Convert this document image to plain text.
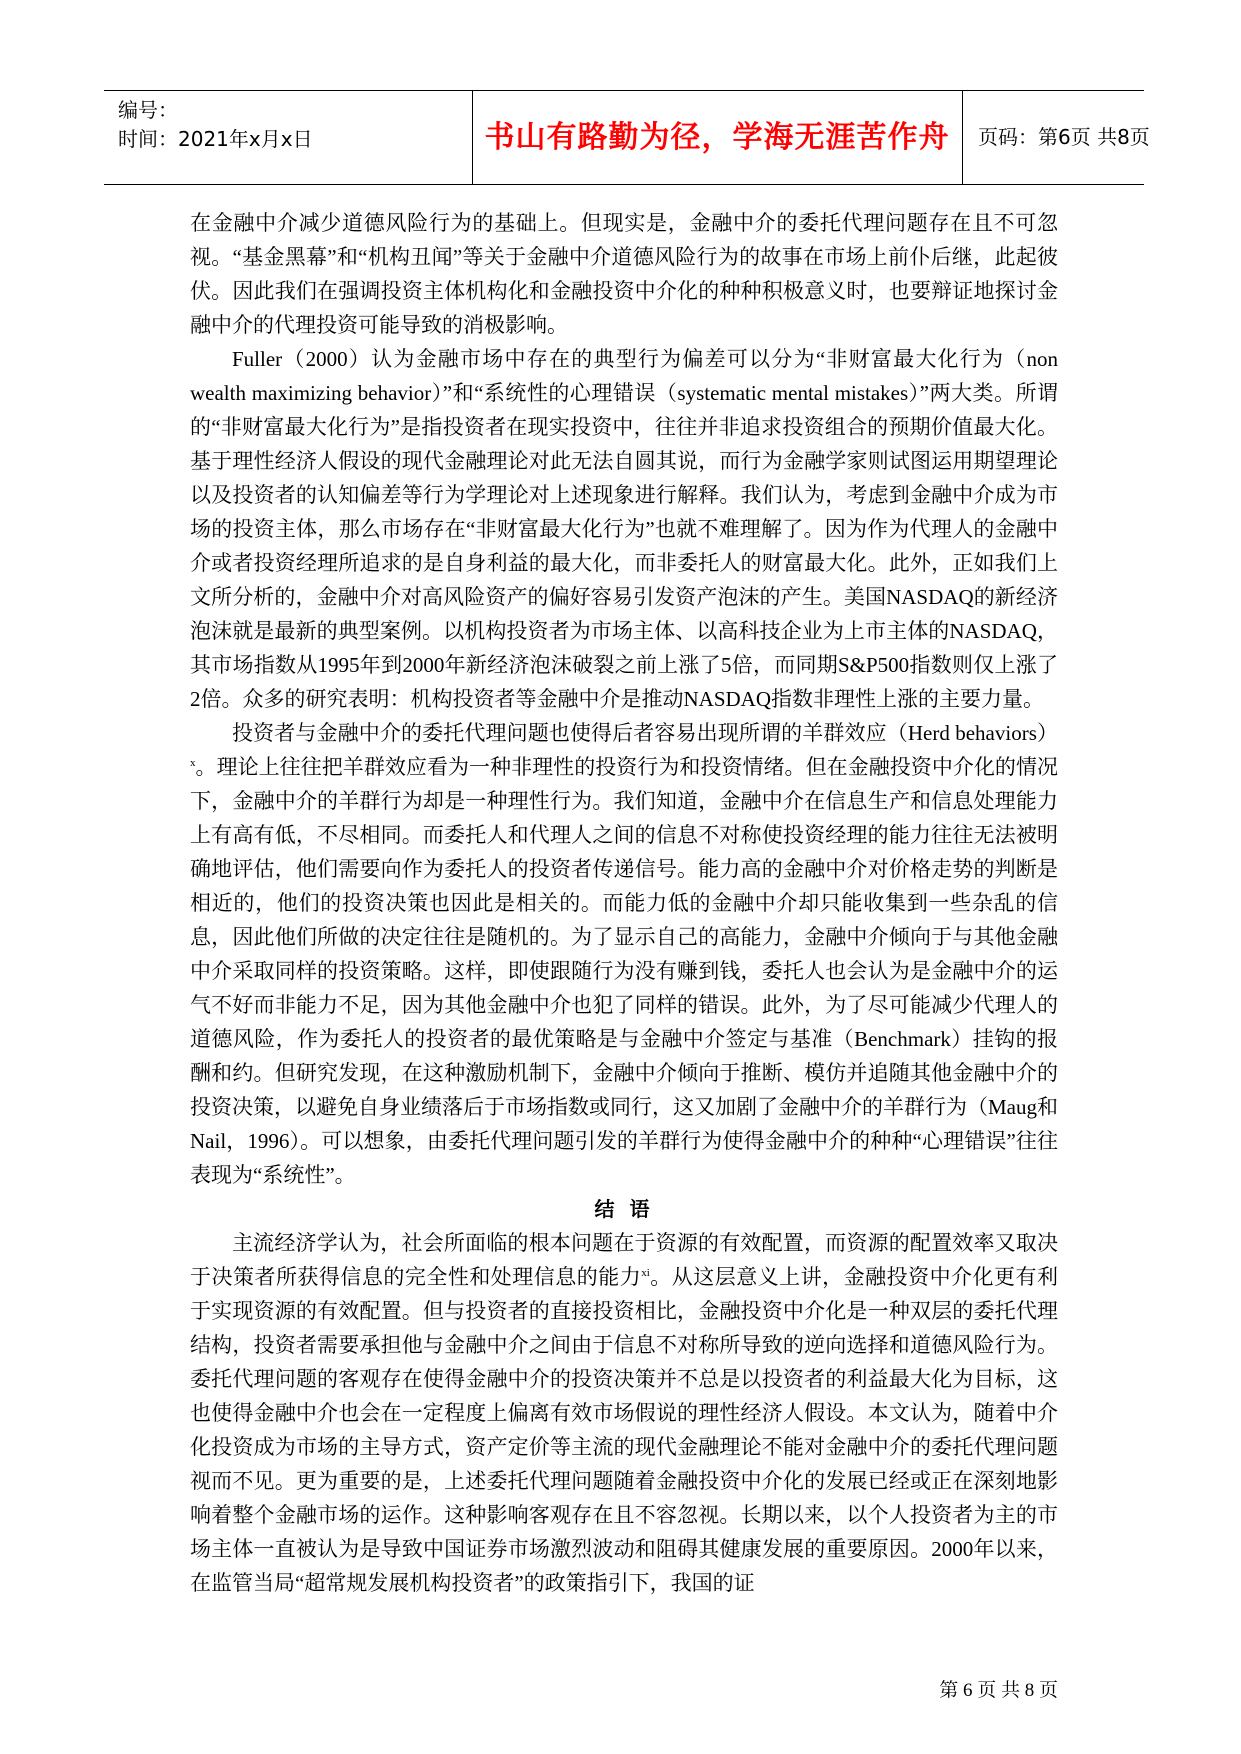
编号：
时间：2021年x月x日	书山有路勤为径，学海无涯苦作舟	页码：第6页 共8页

在金融中介减少道德风险行为的基础上。但现实是，金融中介的委托代理问题存在且不可忽视。“基金黑幕”和“机构丑闻”等关于金融中介道德风险行为的故事在市场上前仆后继，此起彼伏。因此我们在强调投资主体机构化和金融投资中介化的种种积极意义时，也要辩证地探讨金融中介的代理投资可能导致的消极影响。

Fuller（2000）认为金融市场中存在的典型行为偏差可以分为“非财富最大化行为（non wealth maximizing behavior）”和“系统性的心理错误（systematic mental mistakes）”两大类。所谓的“非财富最大化行为”是指投资者在现实投资中，往往并非追求投资组合的预期价值最大化。基于理性经济人假设的现代金融理论对此无法自圆其说，而行为金融学家则试图运用期望理论以及投资者的认知偏差等行为学理论对上述现象进行解释。我们认为，考虑到金融中介成为市场的投资主体，那么市场存在“非财富最大化行为”也就不难理解了。因为作为代理人的金融中介或者投资经理所追求的是自身利益的最大化，而非委托人的财富最大化。此外，正如我们上文所分析的，金融中介对高风险资产的偏好容易引发资产泡沫的产生。美国NASDAQ的新经济泡沫就是最新的典型案例。以机构投资者为市场主体、以高科技企业为上市主体的NASDAQ，其市场指数从1995年到2000年新经济泡沫破裂之前上涨了5倍，而同期S&P500指数则仅上涨了2倍。众多的研究表明：机构投资者等金融中介是推动NASDAQ指数非理性上涨的主要力量。

投资者与金融中介的委托代理问题也使得后者容易出现所谓的羊群效应（Herd behaviors）$^x$。理论上往往把羊群效应看为一种非理性的投资行为和投资情绪。但在金融投资中介化的情况下，金融中介的羊群行为却是一种理性行为。我们知道，金融中介在信息生产和信息处理能力上有高有低，不尽相同。而委托人和代理人之间的信息不对称使投资经理的能力往往无法被明确地评估，他们需要向作为委托人的投资者传递信号。能力高的金融中介对价格走势的判断是相近的，他们的投资决策也因此是相关的。而能力低的金融中介却只能收集到一些杂乱的信息，因此他们所做的决定往往是随机的。为了显示自己的高能力，金融中介倾向于与其他金融中介采取同样的投资策略。这样，即使跟随行为没有赚到钱，委托人也会认为是金融中介的运气不好而非能力不足，因为其他金融中介也犯了同样的错误。此外，为了尽可能减少代理人的道德风险，作为委托人的投资者的最优策略是与金融中介签定与基准（Benchmark）挂钩的报酬和约。但研究发现，在这种激励机制下，金融中介倾向于推断、模仿并追随其他金融中介的投资决策，以避免自身业绩落后于市场指数或同行，这又加剧了金融中介的羊群行为（Maug和Nail，1996）。可以想象，由委托代理问题引发的羊群行为使得金融中介的种种“心理错误”往往表现为“系统性”。

结 语

主流经济学认为，社会所面临的根本问题在于资源的有效配置，而资源的配置效率又取决于决策者所获得信息的完全性和处理信息的能力$^{xi}$。从这层意义上讲，金融投资中介化更有利于实现资源的有效配置。但与投资者的直接投资相比，金融投资中介化是一种双层的委托代理结构，投资者需要承担他与金融中介之间由于信息不对称所导致的逆向选择和道德风险行为。委托代理问题的客观存在使得金融中介的投资决策并不总是以投资者的利益最大化为目标，这也使得金融中介也会在一定程度上偏离有效市场假说的理性经济人假设。本文认为，随着中介化投资成为市场的主导方式，资产定价等主流的现代金融理论不能对金融中介的委托代理问题视而不见。更为重要的是，上述委托代理问题随着金融投资中介化的发展已经或正在深刻地影响着整个金融市场的运作。这种影响客观存在且不容忽视。长期以来，以个人投资者为主的市场主体一直被认为是导致中国证券市场激烈波动和阻碍其健康发展的重要原因。2000年以来，在监管当局“超常规发展机构投资者”的政策指引下，我国的证

第 6 页 共 8 页
